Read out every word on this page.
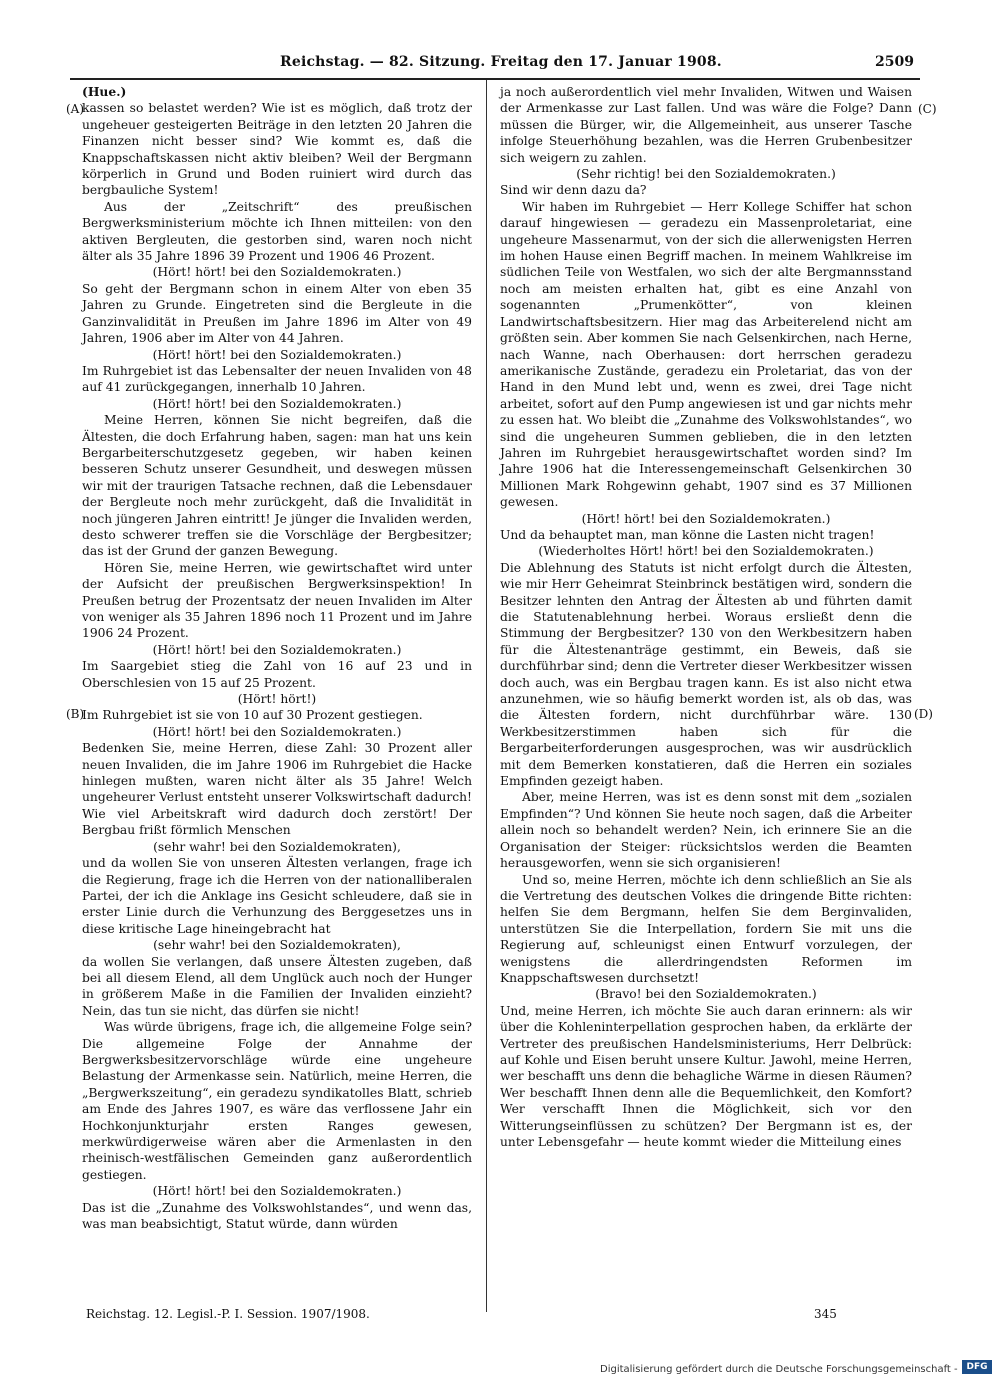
Reichstag. — 82. Sitzung. Freitag den 17. Januar 1908.	2509
(A)
(B)
(C)
(D)

(Hue.)

kassen so belastet werden? Wie ist es möglich, daß trotz der ungeheuer gesteigerten Beiträge in den letzten 20 Jahren die Finanzen nicht besser sind? Wie kommt es, daß die Knappschaftskassen nicht aktiv bleiben? Weil der Bergmann körperlich in Grund und Boden ruiniert wird durch das bergbauliche System!

Aus der „Zeitschrift“ des preußischen Bergwerksministerium möchte ich Ihnen mitteilen: von den aktiven Bergleuten, die gestorben sind, waren noch nicht älter als 35 Jahre 1896 39 Prozent und 1906 46 Prozent.

(Hört! hört! bei den Sozialdemokraten.)

So geht der Bergmann schon in einem Alter von eben 35 Jahren zu Grunde. Eingetreten sind die Bergleute in die Ganzinvalidität in Preußen im Jahre 1896 im Alter von 49 Jahren, 1906 aber im Alter von 44 Jahren.

(Hört! hört! bei den Sozialdemokraten.)

Im Ruhrgebiet ist das Lebensalter der neuen Invaliden von 48 auf 41 zurückgegangen, innerhalb 10 Jahren.

(Hört! hört! bei den Sozialdemokraten.)

Meine Herren, können Sie nicht begreifen, daß die Ältesten, die doch Erfahrung haben, sagen: man hat uns kein Bergarbeiterschutzgesetz gegeben, wir haben keinen besseren Schutz unserer Gesundheit, und deswegen müssen wir mit der traurigen Tatsache rechnen, daß die Lebensdauer der Bergleute noch mehr zurückgeht, daß die Invalidität in noch jüngeren Jahren eintritt! Je jünger die Invaliden werden, desto schwerer treffen sie die Vorschläge der Bergbesitzer; das ist der Grund der ganzen Bewegung.

Hören Sie, meine Herren, wie gewirtschaftet wird unter der Aufsicht der preußischen Bergwerksinspektion! In Preußen betrug der Prozentsatz der neuen Invaliden im Alter von weniger als 35 Jahren 1896 noch 11 Prozent und im Jahre 1906 24 Prozent.

(Hört! hört! bei den Sozialdemokraten.)

Im Saargebiet stieg die Zahl von 16 auf 23 und in Oberschlesien von 15 auf 25 Prozent.

(Hört! hört!)

Im Ruhrgebiet ist sie von 10 auf 30 Prozent gestiegen.

(Hört! hört! bei den Sozialdemokraten.)

Bedenken Sie, meine Herren, diese Zahl: 30 Prozent aller neuen Invaliden, die im Jahre 1906 im Ruhrgebiet die Hacke hinlegen mußten, waren nicht älter als 35 Jahre! Welch ungeheurer Verlust entsteht unserer Volkswirtschaft dadurch! Wie viel Arbeitskraft wird dadurch doch zerstört! Der Bergbau frißt förmlich Menschen

(sehr wahr! bei den Sozialdemokraten),

und da wollen Sie von unseren Ältesten verlangen, frage ich die Regierung, frage ich die Herren von der nationalliberalen Partei, der ich die Anklage ins Gesicht schleudere, daß sie in erster Linie durch die Verhunzung des Berggesetzes uns in diese kritische Lage hineingebracht hat

(sehr wahr! bei den Sozialdemokraten),

da wollen Sie verlangen, daß unsere Ältesten zugeben, daß bei all diesem Elend, all dem Unglück auch noch der Hunger in größerem Maße in die Familien der Invaliden einzieht? Nein, das tun sie nicht, das dürfen sie nicht!

Was würde übrigens, frage ich, die allgemeine Folge sein? Die allgemeine Folge der Annahme der Bergwerksbesitzervorschläge würde eine ungeheure Belastung der Armenkasse sein. Natürlich, meine Herren, die „Bergwerkszeitung“, ein geradezu syndikatolles Blatt, schrieb am Ende des Jahres 1907, es wäre das verflossene Jahr ein Hochkonjunkturjahr ersten Ranges gewesen, merkwürdigerweise wären aber die Armenlasten in den rheinisch-westfälischen Gemeinden ganz außerordentlich gestiegen.

(Hört! hört! bei den Sozialdemokraten.)

Das ist die „Zunahme des Volkswohlstandes“, und wenn das, was man beabsichtigt, Statut würde, dann würden

ja noch außerordentlich viel mehr Invaliden, Witwen und Waisen der Armenkasse zur Last fallen. Und was wäre die Folge? Dann müssen die Bürger, wir, die Allgemeinheit, aus unserer Tasche infolge Steuerhöhung bezahlen, was die Herren Grubenbesitzer sich weigern zu zahlen.

(Sehr richtig! bei den Sozialdemokraten.)

Sind wir denn dazu da?

Wir haben im Ruhrgebiet — Herr Kollege Schiffer hat schon darauf hingewiesen — geradezu ein Massenproletariat, eine ungeheure Massenarmut, von der sich die allerwenigsten Herren im hohen Hause einen Begriff machen. In meinem Wahlkreise im südlichen Teile von Westfalen, wo sich der alte Bergmannsstand noch am meisten erhalten hat, gibt es eine Anzahl von sogenannten „Prumenkötter“, von kleinen Landwirtschaftsbesitzern. Hier mag das Arbeiterelend nicht am größten sein. Aber kommen Sie nach Gelsenkirchen, nach Herne, nach Wanne, nach Oberhausen: dort herrschen geradezu amerikanische Zustände, geradezu ein Proletariat, das von der Hand in den Mund lebt und, wenn es zwei, drei Tage nicht arbeitet, sofort auf den Pump angewiesen ist und gar nichts mehr zu essen hat. Wo bleibt die „Zunahme des Volkswohlstandes“, wo sind die ungeheuren Summen geblieben, die in den letzten Jahren im Ruhrgebiet herausgewirtschaftet worden sind? Im Jahre 1906 hat die Interessengemeinschaft Gelsenkirchen 30 Millionen Mark Rohgewinn gehabt, 1907 sind es 37 Millionen gewesen.

(Hört! hört! bei den Sozialdemokraten.)

Und da behauptet man, man könne die Lasten nicht tragen!

(Wiederholtes Hört! hört! bei den Sozialdemokraten.)

Die Ablehnung des Statuts ist nicht erfolgt durch die Ältesten, wie mir Herr Geheimrat Steinbrinck bestätigen wird, sondern die Besitzer lehnten den Antrag der Ältesten ab und führten damit die Statutenablehnung herbei. Woraus ersließt denn die Stimmung der Bergbesitzer? 130 von den Werkbesitzern haben für die Ältestenanträge gestimmt, ein Beweis, daß sie durchführbar sind; denn die Vertreter dieser Werkbesitzer wissen doch auch, was ein Bergbau tragen kann. Es ist also nicht etwa anzunehmen, wie so häufig bemerkt worden ist, als ob das, was die Ältesten fordern, nicht durchführbar wäre. 130 Werkbesitzerstimmen haben sich für die Bergarbeiterforderungen ausgesprochen, was wir ausdrücklich mit dem Bemerken konstatieren, daß die Herren ein soziales Empfinden gezeigt haben.

Aber, meine Herren, was ist es denn sonst mit dem „sozialen Empfinden“? Und können Sie heute noch sagen, daß die Arbeiter allein noch so behandelt werden? Nein, ich erinnere Sie an die Organisation der Steiger: rücksichtslos werden die Beamten herausgeworfen, wenn sie sich organisieren!

Und so, meine Herren, möchte ich denn schließlich an Sie als die Vertretung des deutschen Volkes die dringende Bitte richten: helfen Sie dem Bergmann, helfen Sie dem Berginvaliden, unterstützen Sie die Interpellation, fordern Sie mit uns die Regierung auf, schleunigst einen Entwurf vorzulegen, der wenigstens die allerdringendsten Reformen im Knappschaftswesen durchsetzt!

(Bravo! bei den Sozialdemokraten.)

Und, meine Herren, ich möchte Sie auch daran erinnern: als wir über die Kohleninterpellation gesprochen haben, da erklärte der Vertreter des preußischen Handelsministeriums, Herr Delbrück: auf Kohle und Eisen beruht unsere Kultur. Jawohl, meine Herren, wer beschafft uns denn die behagliche Wärme in diesen Räumen? Wer beschafft Ihnen denn alle die Bequemlichkeit, den Komfort? Wer verschafft Ihnen die Möglichkeit, sich vor den Witterungseinflüssen zu schützen? Der Bergmann ist es, der unter Lebensgefahr — heute kommt wieder die Mitteilung eines

Reichstag. 12. Legisl.-P. I. Session. 1907/1908.	345
Digitalisierung gefördert durch die Deutsche Forschungsgemeinschaft - DFG
